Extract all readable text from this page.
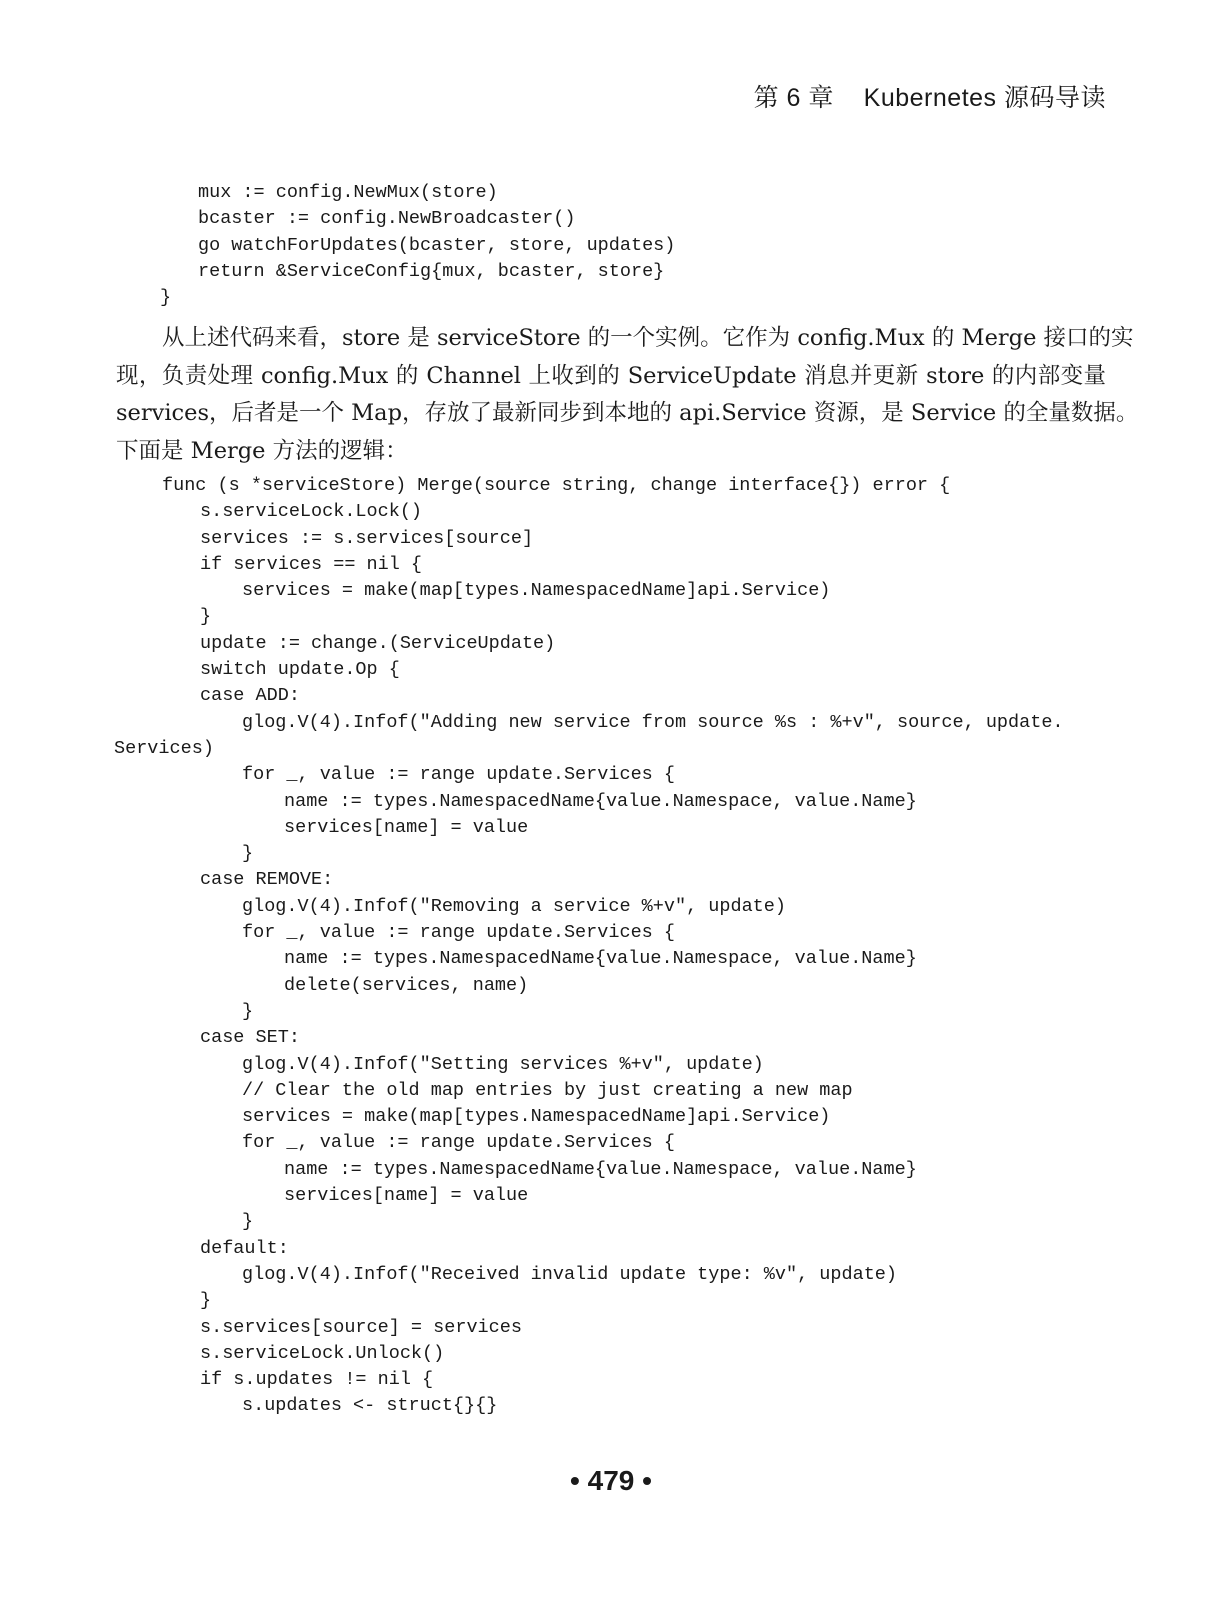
第 6 章 Kubernetes 源码导读
mux := config.NewMux(store)
bcaster := config.NewBroadcaster()
go watchForUpdates(bcaster, store, updates)
return &ServiceConfig{mux, bcaster, store}
}
从上述代码来看，store 是 serviceStore 的一个实例。它作为 config.Mux 的 Merge 接口的实
现，负责处理 config.Mux 的 Channel 上收到的 ServiceUpdate 消息并更新 store 的内部变量
services，后者是一个 Map，存放了最新同步到本地的 api.Service 资源，是 Service 的全量数据。
下面是 Merge 方法的逻辑：
func (s *serviceStore) Merge(source string, change interface{}) error {
s.serviceLock.Lock()
services := s.services[source]
if services == nil {
services = make(map[types.NamespacedName]api.Service)
}
update := change.(ServiceUpdate)
switch update.Op {
case ADD:
glog.V(4).Infof("Adding new service from source %s : %+v", source, update.
Services)
for _, value := range update.Services {
name := types.NamespacedName{value.Namespace, value.Name}
services[name] = value
}
case REMOVE:
glog.V(4).Infof("Removing a service %+v", update)
for _, value := range update.Services {
name := types.NamespacedName{value.Namespace, value.Name}
delete(services, name)
}
case SET:
glog.V(4).Infof("Setting services %+v", update)
// Clear the old map entries by just creating a new map
services = make(map[types.NamespacedName]api.Service)
for _, value := range update.Services {
name := types.NamespacedName{value.Namespace, value.Name}
services[name] = value
}
default:
glog.V(4).Infof("Received invalid update type: %v", update)
}
s.services[source] = services
s.serviceLock.Unlock()
if s.updates != nil {
s.updates <- struct{}{}
• 479 •
